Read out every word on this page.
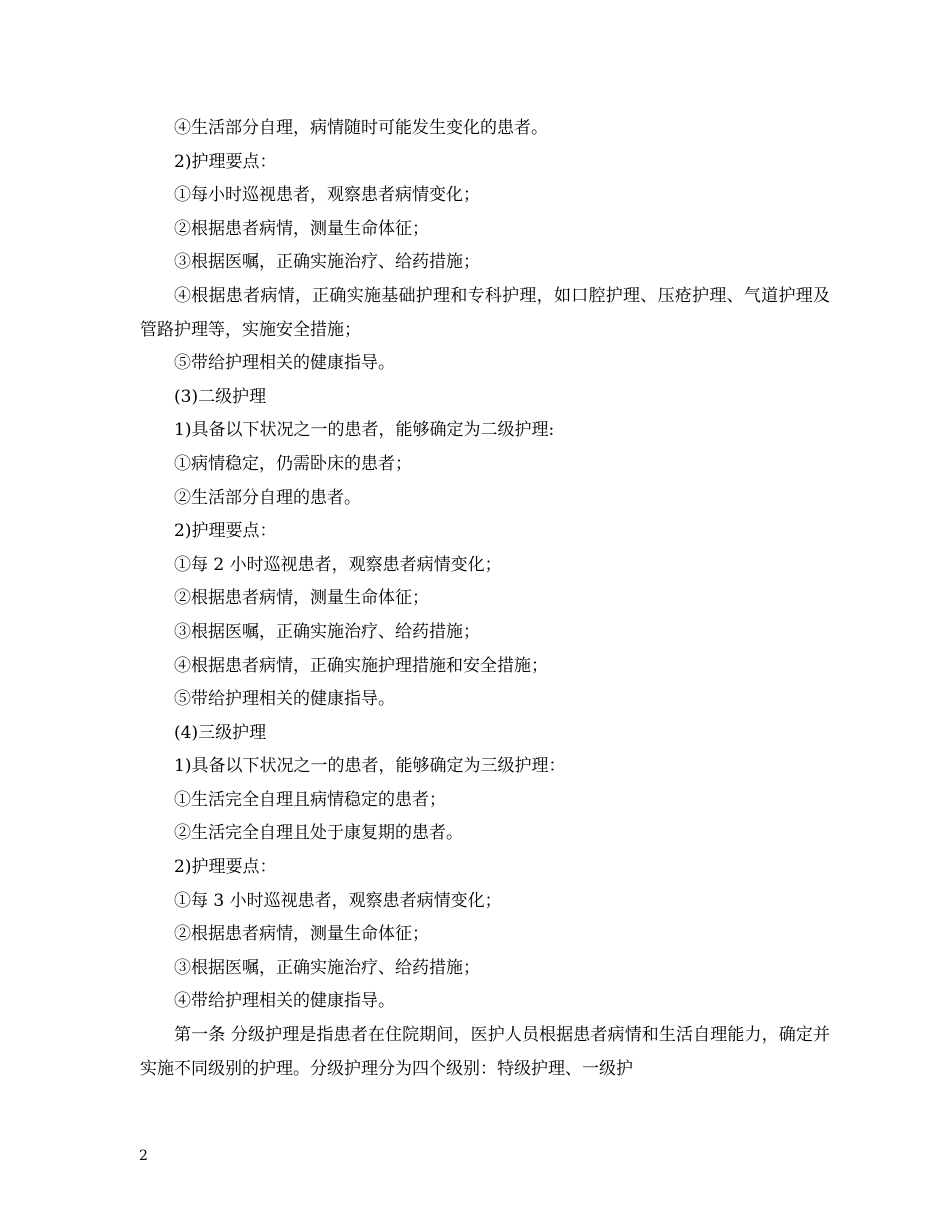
④生活部分自理，病情随时可能发生变化的患者。

2)护理要点：

①每小时巡视患者，观察患者病情变化；

②根据患者病情，测量生命体征；

③根据医嘱，正确实施治疗、给药措施；

④根据患者病情，正确实施基础护理和专科护理，如口腔护理、压疮护理、气道护理及管路护理等，实施安全措施；

⑤带给护理相关的健康指导。

(3)二级护理

1)具备以下状况之一的患者，能够确定为二级护理:

①病情稳定，仍需卧床的患者；

②生活部分自理的患者。

2)护理要点：

①每 2 小时巡视患者，观察患者病情变化；

②根据患者病情，测量生命体征；

③根据医嘱，正确实施治疗、给药措施；

④根据患者病情，正确实施护理措施和安全措施；

⑤带给护理相关的健康指导。

(4)三级护理

1)具备以下状况之一的患者，能够确定为三级护理：

①生活完全自理且病情稳定的患者；

②生活完全自理且处于康复期的患者。

2)护理要点：

①每 3 小时巡视患者，观察患者病情变化；

②根据患者病情，测量生命体征；

③根据医嘱，正确实施治疗、给药措施；

④带给护理相关的健康指导。

第一条 分级护理是指患者在住院期间，医护人员根据患者病情和生活自理能力，确定并实施不同级别的护理。分级护理分为四个级别：特级护理、一级护

2
